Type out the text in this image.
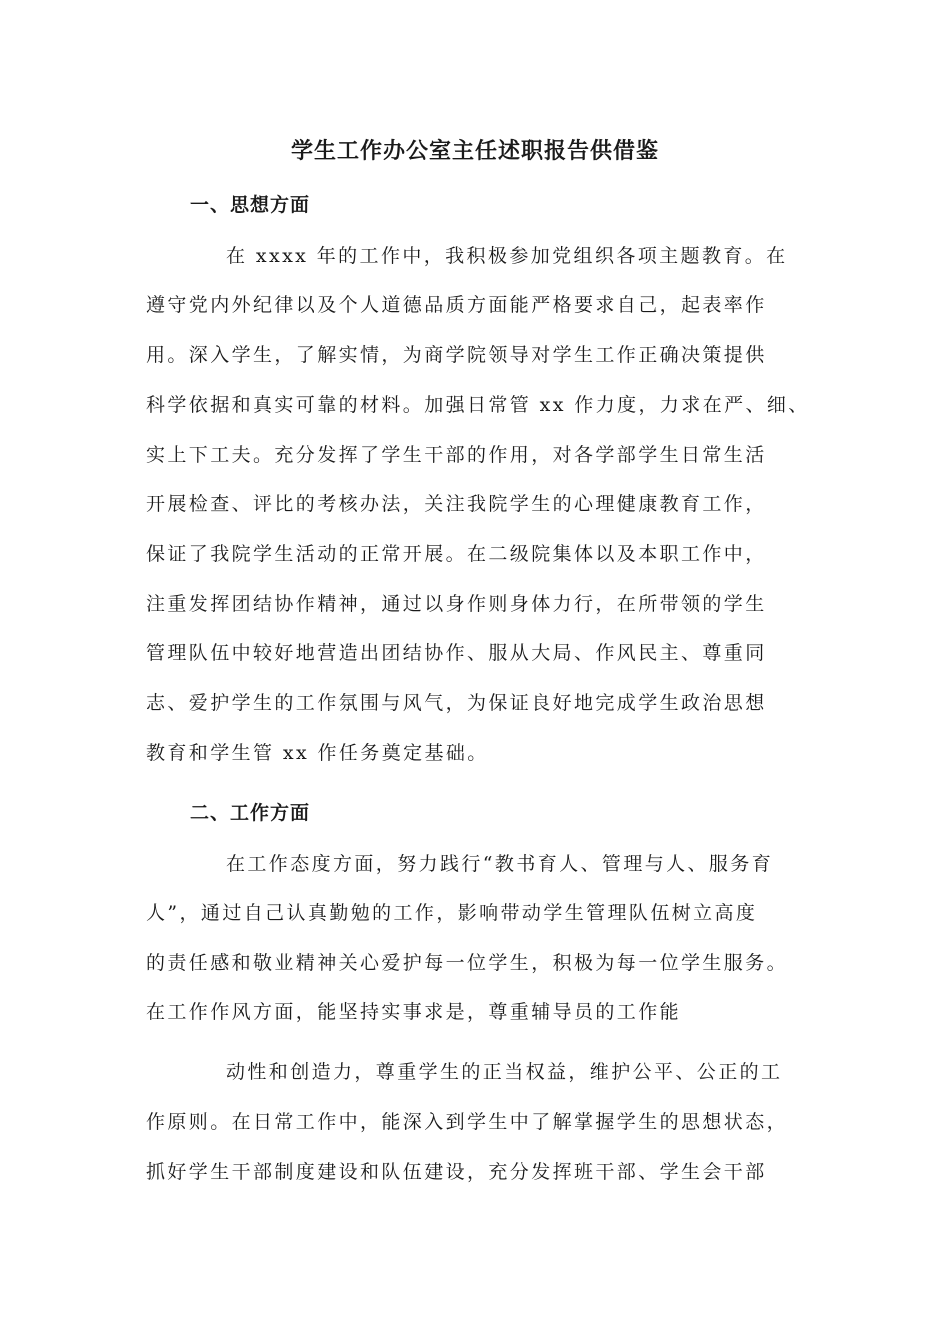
学生工作办公室主任述职报告供借鉴
一、思想方面

在 xxxx 年的工作中，我积极参加党组织各项主题教育。在

遵守党内外纪律以及个人道德品质方面能严格要求自己，起表率作

用。深入学生，了解实情，为商学院领导对学生工作正确决策提供

科学依据和真实可靠的材料。加强日常管 xx 作力度，力求在严、细、

实上下工夫。充分发挥了学生干部的作用，对各学部学生日常生活

开展检查、评比的考核办法，关注我院学生的心理健康教育工作，

保证了我院学生活动的正常开展。在二级院集体以及本职工作中，

注重发挥团结协作精神，通过以身作则身体力行，在所带领的学生

管理队伍中较好地营造出团结协作、服从大局、作风民主、尊重同

志、爱护学生的工作氛围与风气，为保证良好地完成学生政治思想

教育和学生管 xx 作任务奠定基础。

二、工作方面

在工作态度方面，努力践行“教书育人、管理与人、服务育

人”，通过自己认真勤勉的工作，影响带动学生管理队伍树立高度

的责任感和敬业精神关心爱护每一位学生，积极为每一位学生服务。

在工作作风方面，能坚持实事求是，尊重辅导员的工作能

动性和创造力，尊重学生的正当权益，维护公平、公正的工

作原则。在日常工作中，能深入到学生中了解掌握学生的思想状态，

抓好学生干部制度建设和队伍建设，充分发挥班干部、学生会干部
